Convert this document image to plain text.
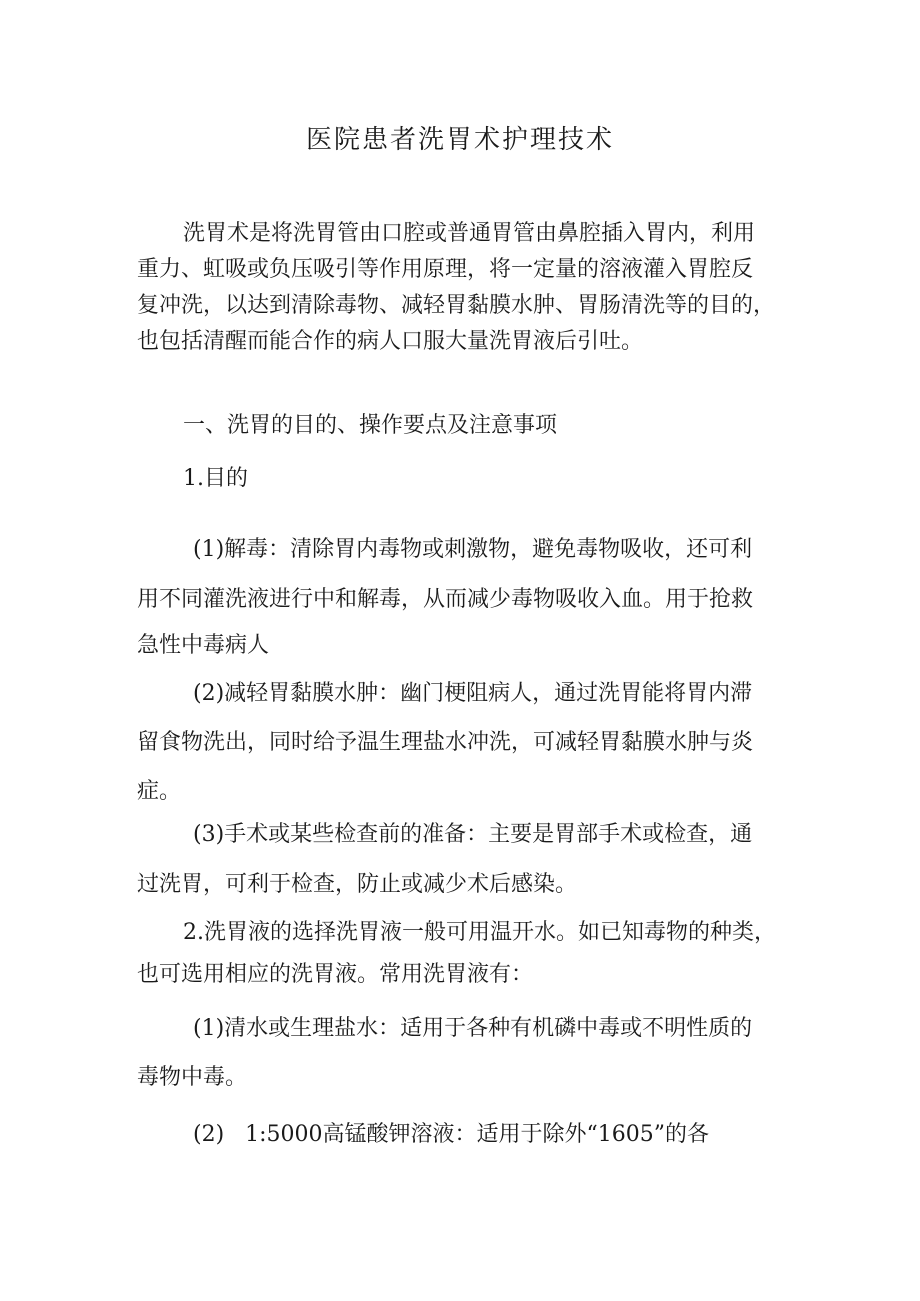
医院患者洗胃术护理技术
洗胃术是将洗胃管由口腔或普通胃管由鼻腔插入胃内，利用
重力、虹吸或负压吸引等作用原理，将一定量的溶液灌入胃腔反
复冲洗，以达到清除毒物、减轻胃黏膜水肿、胃肠清洗等的目的，
也包括清醒而能合作的病人口服大量洗胃液后引吐。
一、洗胃的目的、操作要点及注意事项
1.目的
(1)解毒：清除胃内毒物或刺激物，避免毒物吸收，还可利
用不同灌洗液进行中和解毒，从而减少毒物吸收入血。用于抢救
急性中毒病人
(2)减轻胃黏膜水肿：幽门梗阻病人，通过洗胃能将胃内滞
留食物洗出，同时给予温生理盐水冲洗，可减轻胃黏膜水肿与炎
症。
(3)手术或某些检查前的准备：主要是胃部手术或检查，通
过洗胃，可利于检查，防止或减少术后感染。
2.洗胃液的选择洗胃液一般可用温开水。如已知毒物的种类，
也可选用相应的洗胃液。常用洗胃液有：
(1)清水或生理盐水：适用于各种有机磷中毒或不明性质的
毒物中毒。
(2)   1:5000高锰酸钾溶液：适用于除外“1605”的各
